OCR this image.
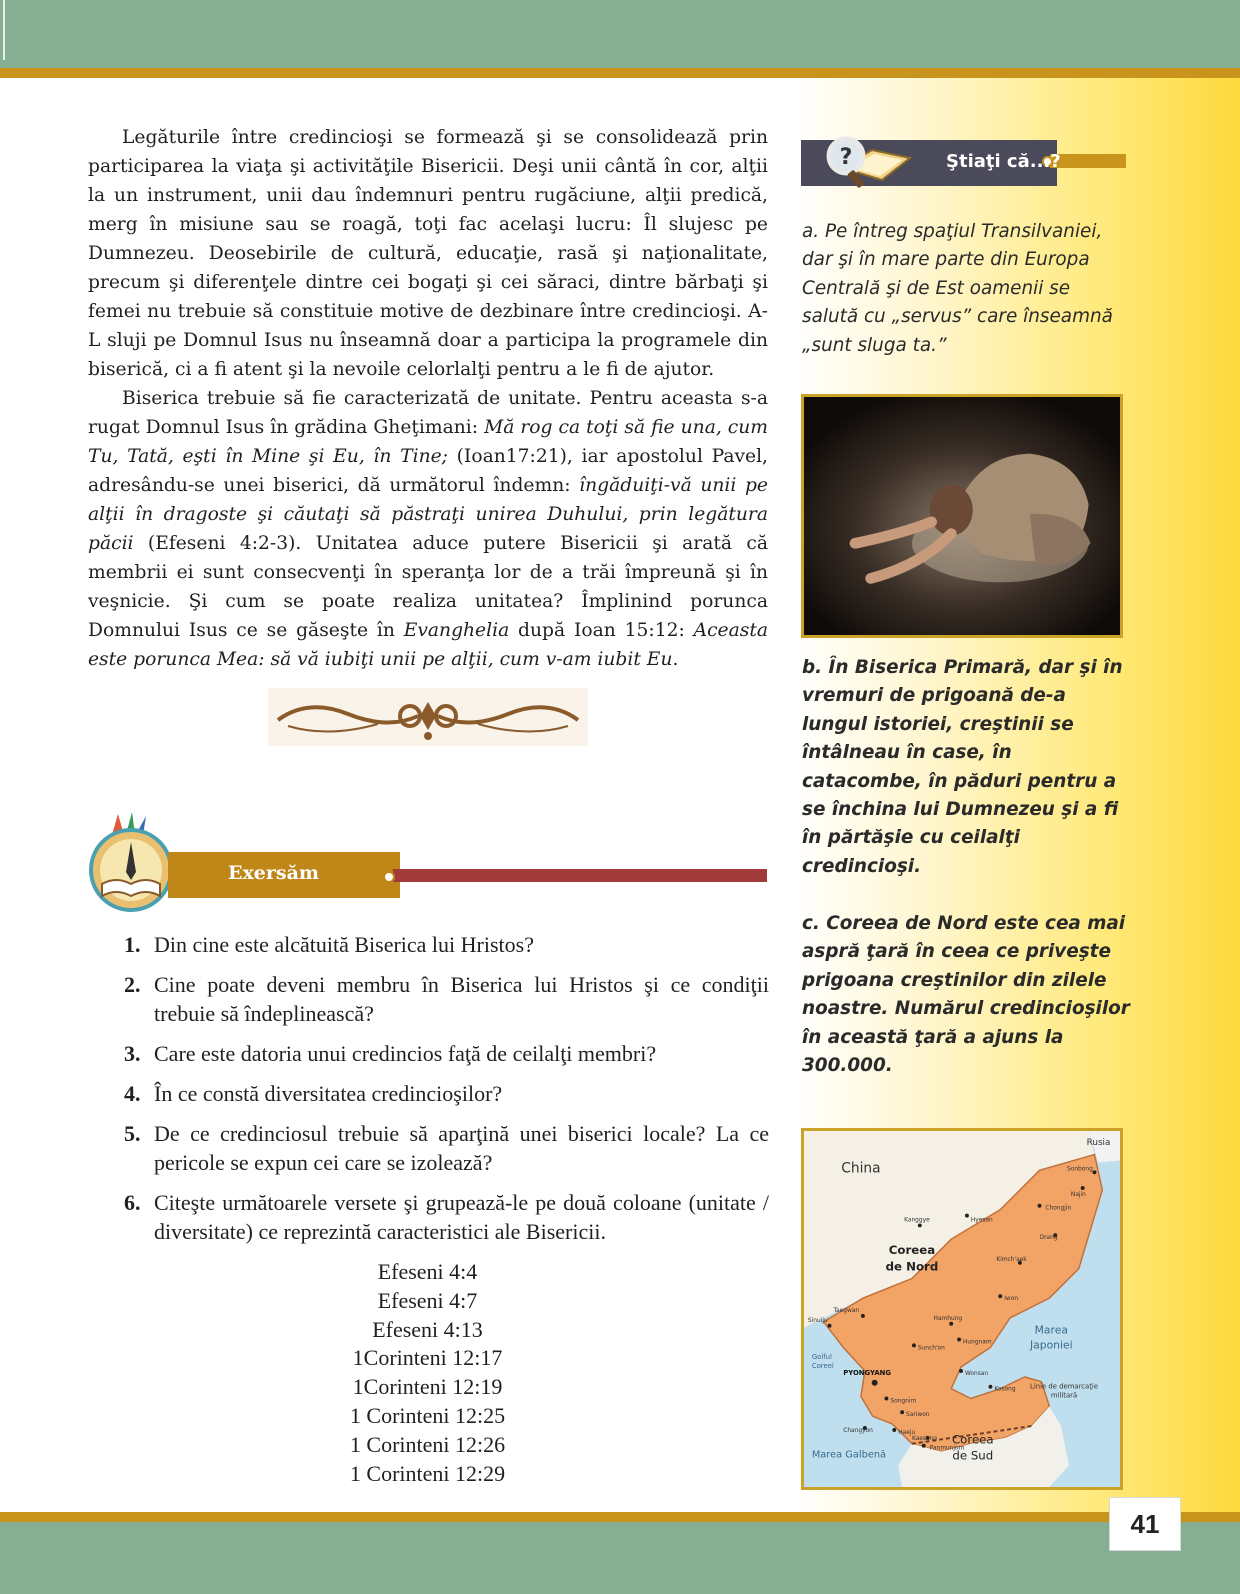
Legăturile între credincioşi se formează şi se consolidează prin participarea la viaţa şi activităţile Bisericii. Deşi unii cântă în cor, alţii la un instrument, unii dau îndemnuri pentru rugăciune, alţii predică, merg în misiune sau se roagă, toţi fac acelaşi lucru: Îl slujesc pe Dumnezeu. Deosebirile de cultură, educaţie, rasă şi naţionalitate, precum şi diferenţele dintre cei bogaţi şi cei săraci, dintre bărbaţi şi femei nu trebuie să constituie motive de dezbinare între credincioşi. A-L sluji pe Domnul Isus nu înseamnă doar a participa la programele din biserică, ci a fi atent şi la nevoile celorlalţi pentru a le fi de ajutor.

Biserica trebuie să fie caracterizată de unitate. Pentru aceasta s-a rugat Domnul Isus în grădina Gheţimani: Mă rog ca toţi să fie una, cum Tu, Tată, eşti în Mine şi Eu, în Tine; (Ioan17:21), iar apostolul Pavel, adresându-se unei biserici, dă următorul îndemn: îngăduiţi-vă unii pe alţii în dragoste şi căutaţi să păstraţi unirea Duhului, prin legătura păcii (Efeseni 4:2-3). Unitatea aduce putere Bisericii şi arată că membrii ei sunt consecvenţi în speranţa lor de a trăi împreună şi în veşnicie. Şi cum se poate realiza unitatea? Împlinind porunca Domnului Isus ce se găseşte în Evanghelia după Ioan 15:12: Aceasta este porunca Mea: să vă iubiţi unii pe alţii, cum v-am iubit Eu.

Exersăm
1. Din cine este alcătuită Biserica lui Hristos?
2. Cine poate deveni membru în Biserica lui Hristos şi ce condiţii trebuie să îndeplinească?
3. Care este datoria unui credincios faţă de ceilalţi membri?
4. În ce constă diversitatea credincioşilor?
5. De ce credinciosul trebuie să aparţină unei biserici locale? La ce pericole se expun cei care se izolează?
6. Citeşte următoarele versete şi grupează-le pe două coloane (unitate / diversitate) ce reprezintă caracteristici ale Bisericii.
Efeseni 4:4
Efeseni 4:7
Efeseni 4:13
1Corinteni 12:17
1Corinteni 12:19
1 Corinteni 12:25
1 Corinteni 12:26
1 Corinteni 12:29
?	Ştiaţi că...?
a. Pe întreg spaţiul Transilvaniei, dar şi în mare parte din Europa Centrală şi de Est oamenii se salută cu „servus” care înseamnă „sunt sluga ta.”
b. În Biserica Primară, dar şi în vremuri de prigoană de-a lungul istoriei, creştinii se întâlneau în case, în catacombe, în păduri pentru a se închina lui Dumnezeu şi a fi în părtăşie cu ceilalţi credincioşi.
c. Coreea de Nord este cea mai aspră ţară în ceea ce priveşte prigoana creştinilor din zilele noastre. Numărul credincioşilor în această ţară a ajuns la 300.000.
China
Rusia
Coreea
de Nord
Coreea
de Sud
Marea
Japoniei
Marea Galbenă
Golful
Coreei
Linie de demarcaţie
militară
Sonbong
Najin
Chongjin
Hyesan
Kanggye
Orang
Kimch'aek
Sinuiju
Taegwan
Iwon
Hamhung
Hungnam
Sunch'on
Wonsan
Songnim
Sariwon
Changyon	Haeju
Kaesong
Panmunjom
Kosong
PYONGYANG
41
